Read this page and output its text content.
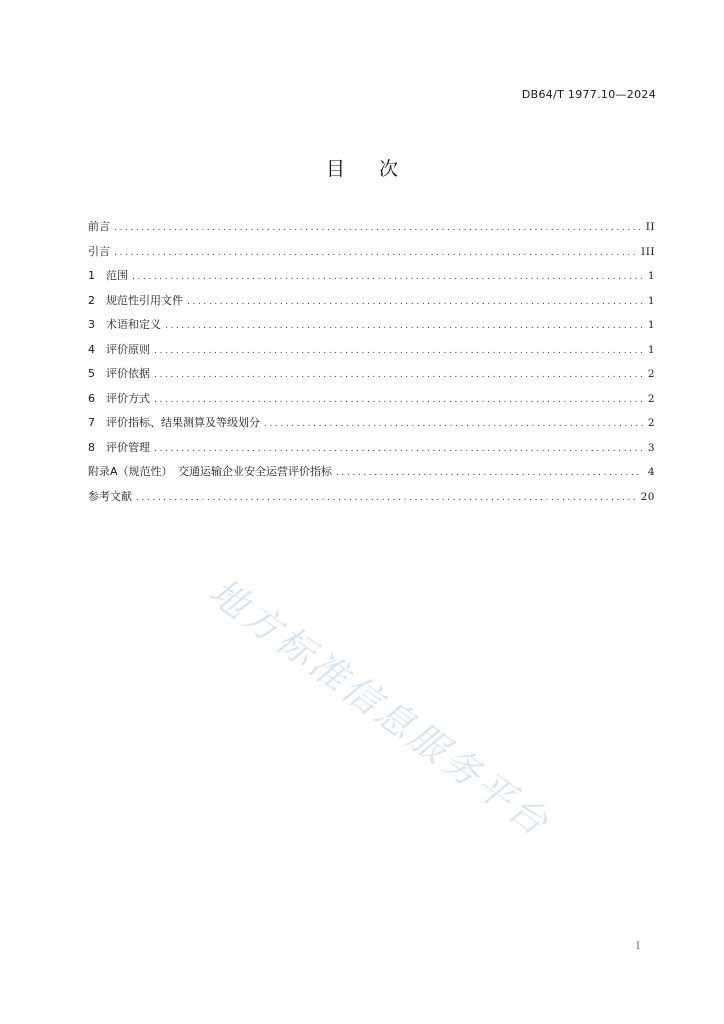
DB64/T 1977.10—2024
目 次
前言 .....	II
引言 .....	III
1	范围 .....	1
2	规范性引用文件 .....	1
3	术语和定义 .....	1
4	评价原则 .....	1
5	评价依据 .....	2
6	评价方式 .....	2
7	评价指标、结果测算及等级划分 .....	2
8	评价管理 .....	3
附录A（规范性）　交通运输企业安全运营评价指标 .....	4
参考文献 .....	20
地方标准信息服务平台
I
